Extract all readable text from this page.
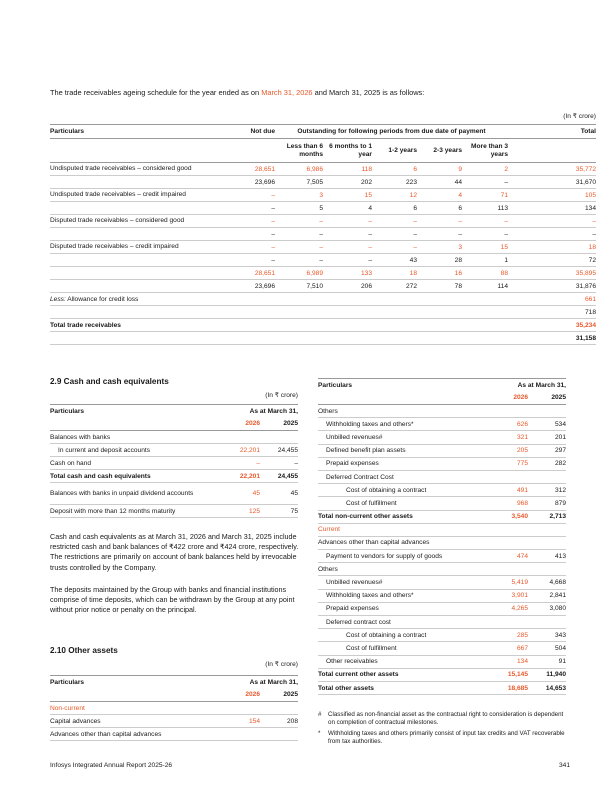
The trade receivables ageing schedule for the year ended as on March 31, 2026 and March 31, 2025 is as follows:
(In ₹ crore)
Particulars	Not due	Outstanding for following periods from due date of payment					Total
		Less than 6 months	6 months to 1 year	1-2 years	2-3 years	More than 3 years	
Undisputed trade receivables – considered good	28,651	6,986	118	6	9	2	35,772
	23,696	7,505	202	223	44	–	31,670
Undisputed trade receivables – credit impaired	–	3	15	12	4	71	105
	–	5	4	6	6	113	134
Disputed trade receivables – considered good	–	–	–	–	–	–	–
	–	–	–	–	–	–	–
Disputed trade receivables – credit impaired	–	–	–	–	3	15	18
	–	–	–	43	28	1	72
	28,651	6,989	133	18	16	88	35,895
	23,696	7,510	206	272	78	114	31,876
Less: Allowance for credit loss							661
							718
Total trade receivables							35,234
							31,158
2.9 Cash and cash equivalents
(In ₹ crore)
Particulars	As at March 31,	
	2026	2025
Balances with banks		
In current and deposit accounts	22,201	24,455
Cash on hand	–	–
Total cash and cash equivalents	22,201	24,455
Balances with banks in unpaid dividend accounts	45	45
Deposit with more than 12 months maturity	125	75
Cash and cash equivalents as at March 31, 2026 and March 31, 2025 include restricted cash and bank balances of ₹422 crore and ₹424 crore, respectively. The restrictions are primarily on account of bank balances held by irrevocable trusts controlled by the Company.
The deposits maintained by the Group with banks and financial institutions comprise of time deposits, which can be withdrawn by the Group at any point without prior notice or penalty on the principal.
2.10 Other assets
(In ₹ crore)
Particulars	As at March 31,	
	2026	2025
Non-current		
Capital advances	154	208
Advances other than capital advances		
Particulars	As at March 31,	
	2026	2025
Others		
Withholding taxes and others*	626	534
Unbilled revenues#	321	201
Defined benefit plan assets	205	297
Prepaid expenses	775	282
Deferred Contract Cost		
Cost of obtaining a contract	491	312
Cost of fulfillment	968	879
Total non-current other assets	3,540	2,713
Current		
Advances other than capital advances		
Payment to vendors for supply of goods	474	413
Others		
Unbilled revenues#	5,419	4,668
Withholding taxes and others*	3,901	2,841
Prepaid expenses	4,265	3,080
Deferred contract cost		
Cost of obtaining a contract	285	343
Cost of fulfillment	667	504
Other receivables	134	91
Total current other assets	15,145	11,940
Total other assets	18,685	14,653
#	Classified as non-financial asset as the contractual right to consideration is dependent on completion of contractual milestones.
*	Withholding taxes and others primarily consist of input tax credits and VAT recoverable from tax authorities.
Infosys Integrated Annual Report 2025-26	341
